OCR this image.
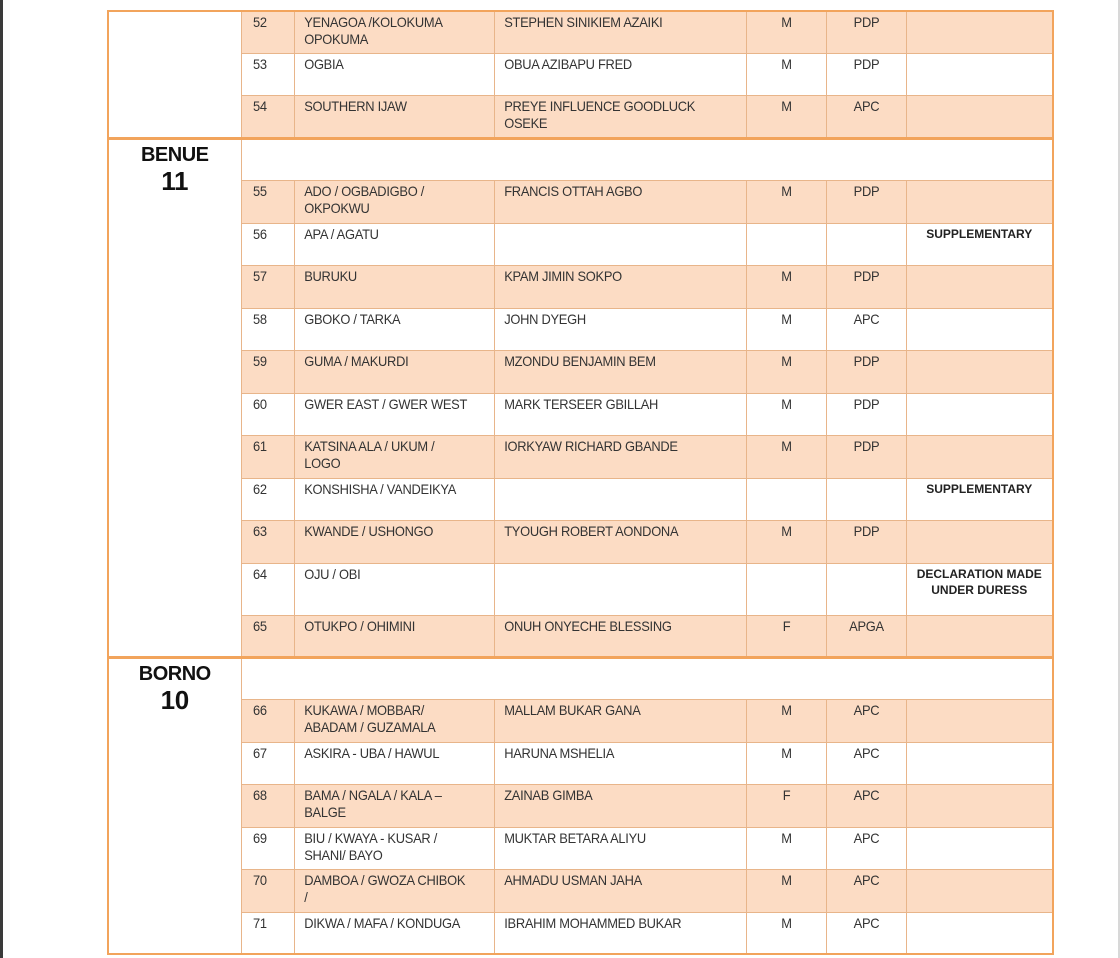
	52	YENAGOA /KOLOKUMA OPOKUMA	STEPHEN SINIKIEM AZAIKI	M	PDP	

	53	OGBIA	OBUA AZIBAPU FRED	M	PDP	

	54	SOUTHERN IJAW	PREYE INFLUENCE GOODLUCK OSEKE	M	APC	

BENUE
11						

	55	ADO / OGBADIGBO / OKPOKWU	FRANCIS OTTAH AGBO	M	PDP	

	56	APA / AGATU				SUPPLEMENTARY

	57	BURUKU	KPAM JIMIN SOKPO	M	PDP	

	58	GBOKO / TARKA	JOHN DYEGH	M	APC	

	59	GUMA / MAKURDI	MZONDU BENJAMIN BEM	M	PDP	

	60	GWER EAST / GWER WEST	MARK TERSEER GBILLAH	M	PDP	

	61	KATSINA ALA / UKUM / LOGO	IORKYAW RICHARD GBANDE	M	PDP	

	62	KONSHISHA / VANDEIKYA				SUPPLEMENTARY

	63	KWANDE / USHONGO	TYOUGH ROBERT AONDONA	M	PDP	

	64	OJU / OBI				DECLARATION MADE UNDER DURESS

	65	OTUKPO / OHIMINI	ONUH ONYECHE BLESSING	F	APGA	

BORNO
10						

	66	KUKAWA / MOBBAR/ ABADAM / GUZAMALA	MALLAM BUKAR GANA	M	APC	

	67	ASKIRA - UBA / HAWUL	HARUNA MSHELIA	M	APC	

	68	BAMA / NGALA / KALA – BALGE	ZAINAB GIMBA	F	APC	

	69	BIU / KWAYA - KUSAR / SHANI/ BAYO	MUKTAR BETARA ALIYU	M	APC	

	70	DAMBOA / GWOZA CHIBOK /	AHMADU USMAN JAHA	M	APC	

	71	DIKWA / MAFA / KONDUGA	IBRAHIM MOHAMMED BUKAR	M	APC	
